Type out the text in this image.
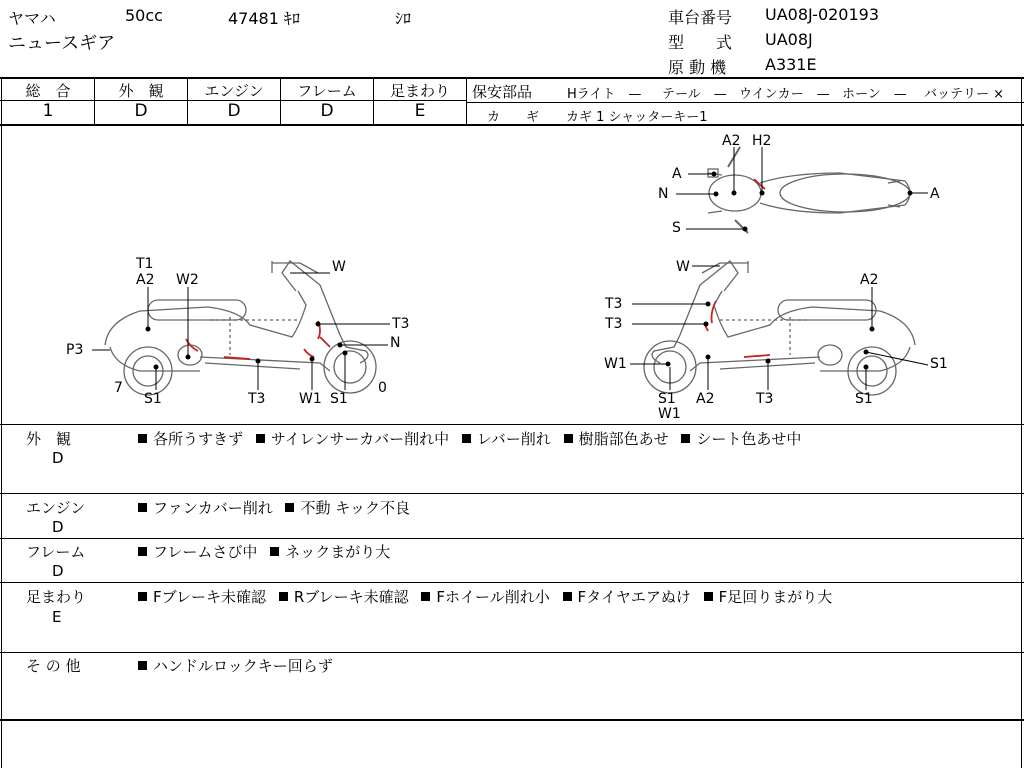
ヤマハ	50cc	47481 ｷﾛ	ｼﾛ
ニュースギア
車台番号 UA08J-020193
型　　式 UA08J
原 動 機 A331E
総　合
1
外　観
D
エンジン
D
フレーム
D
足まわり
E
保安部品	Hライト　— テール　— ウインカー　— ホーン　— バッテリー ×
カ　　ギ カギ 1 シャッターキー1
T1
A2 W2
W
T3
N
P3
7
S1	T3 W1 S1
0
W
A2
T3
T3
W1	S1
S1
W1
A2	T3	S1
A2 H2
A
N	A
S
外　観
D
各所うすきず サイレンサーカバー削れ中 レバー削れ 樹脂部色あせ シート色あせ中
エンジン
D
ファンカバー削れ 不動 キック不良
フレーム
D
フレームさび中 ネックまがり大
足まわり
E
Fブレーキ未確認 Rブレーキ未確認 Fホイール削れ小 Fタイヤエアぬけ F足回りまがり大
そ の 他	ハンドルロックキー回らず
